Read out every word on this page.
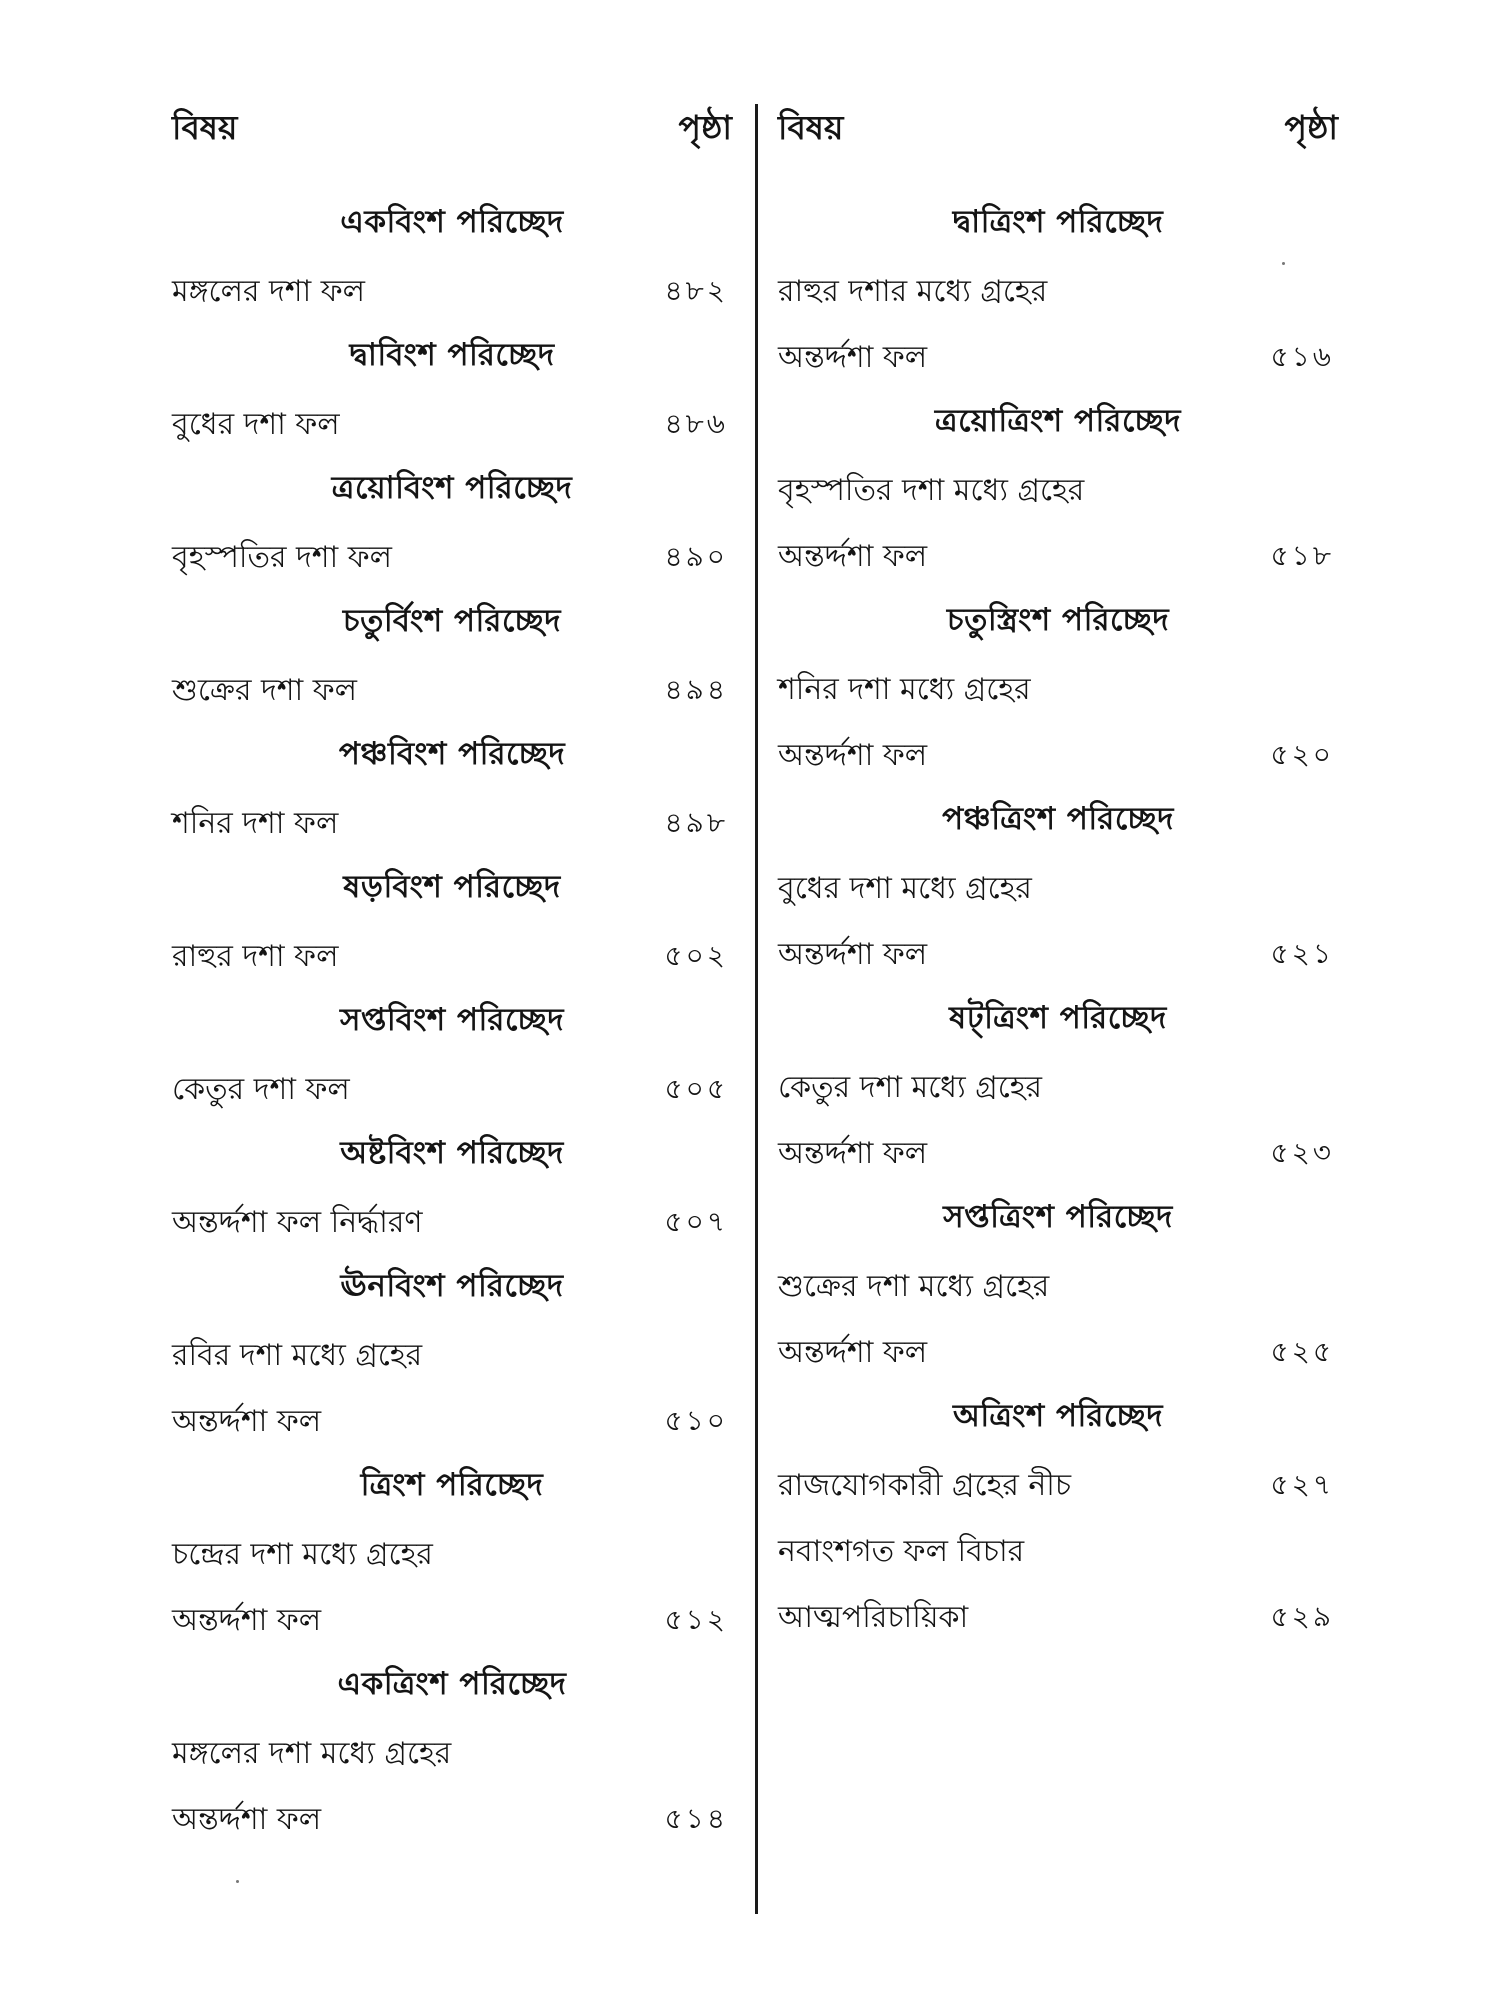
বিষয়	পৃষ্ঠা
একবিংশ পরিচ্ছেদ
মঙ্গলের দশা ফল	৪৮২
দ্বাবিংশ পরিচ্ছেদ
বুধের দশা ফল	৪৮৬
ত্রয়োবিংশ পরিচ্ছেদ
বৃহস্পতির দশা ফল	৪৯০
চতুর্বিংশ পরিচ্ছেদ
শুক্রের দশা ফল	৪৯৪
পঞ্চবিংশ পরিচ্ছেদ
শনির দশা ফল	৪৯৮
ষড়বিংশ পরিচ্ছেদ
রাহুর দশা ফল	৫০২
সপ্তবিংশ পরিচ্ছেদ
কেতুর দশা ফল	৫০৫
অষ্টবিংশ পরিচ্ছেদ
অন্তর্দ্দশা ফল নির্দ্ধারণ	৫০৭
ঊনবিংশ পরিচ্ছেদ
রবির দশা মধ্যে গ্রহের
অন্তর্দ্দশা ফল	৫১০
ত্রিংশ পরিচ্ছেদ
চন্দ্রের দশা মধ্যে গ্রহের
অন্তর্দ্দশা ফল	৫১২
একত্রিংশ পরিচ্ছেদ
মঙ্গলের দশা মধ্যে গ্রহের
অন্তর্দ্দশা ফল	৫১৪
বিষয়	পৃষ্ঠা
দ্বাত্রিংশ পরিচ্ছেদ
রাহুর দশার মধ্যে গ্রহের
অন্তর্দ্দশা ফল	৫১৬
ত্রয়োত্রিংশ পরিচ্ছেদ
বৃহস্পতির দশা মধ্যে গ্রহের
অন্তর্দ্দশা ফল	৫১৮
চতুস্ত্রিংশ পরিচ্ছেদ
শনির দশা মধ্যে গ্রহের
অন্তর্দ্দশা ফল	৫২০
পঞ্চত্রিংশ পরিচ্ছেদ
বুধের দশা মধ্যে গ্রহের
অন্তর্দ্দশা ফল	৫২১
ষট্‌ত্রিংশ পরিচ্ছেদ
কেতুর দশা মধ্যে গ্রহের
অন্তর্দ্দশা ফল	৫২৩
সপ্তত্রিংশ পরিচ্ছেদ
শুক্রের দশা মধ্যে গ্রহের
অন্তর্দ্দশা ফল	৫২৫
অত্রিংশ পরিচ্ছেদ
রাজযোগকারী গ্রহের নীচ	৫২৭
নবাংশগত ফল বিচার
আত্মপরিচায়িকা	৫২৯
